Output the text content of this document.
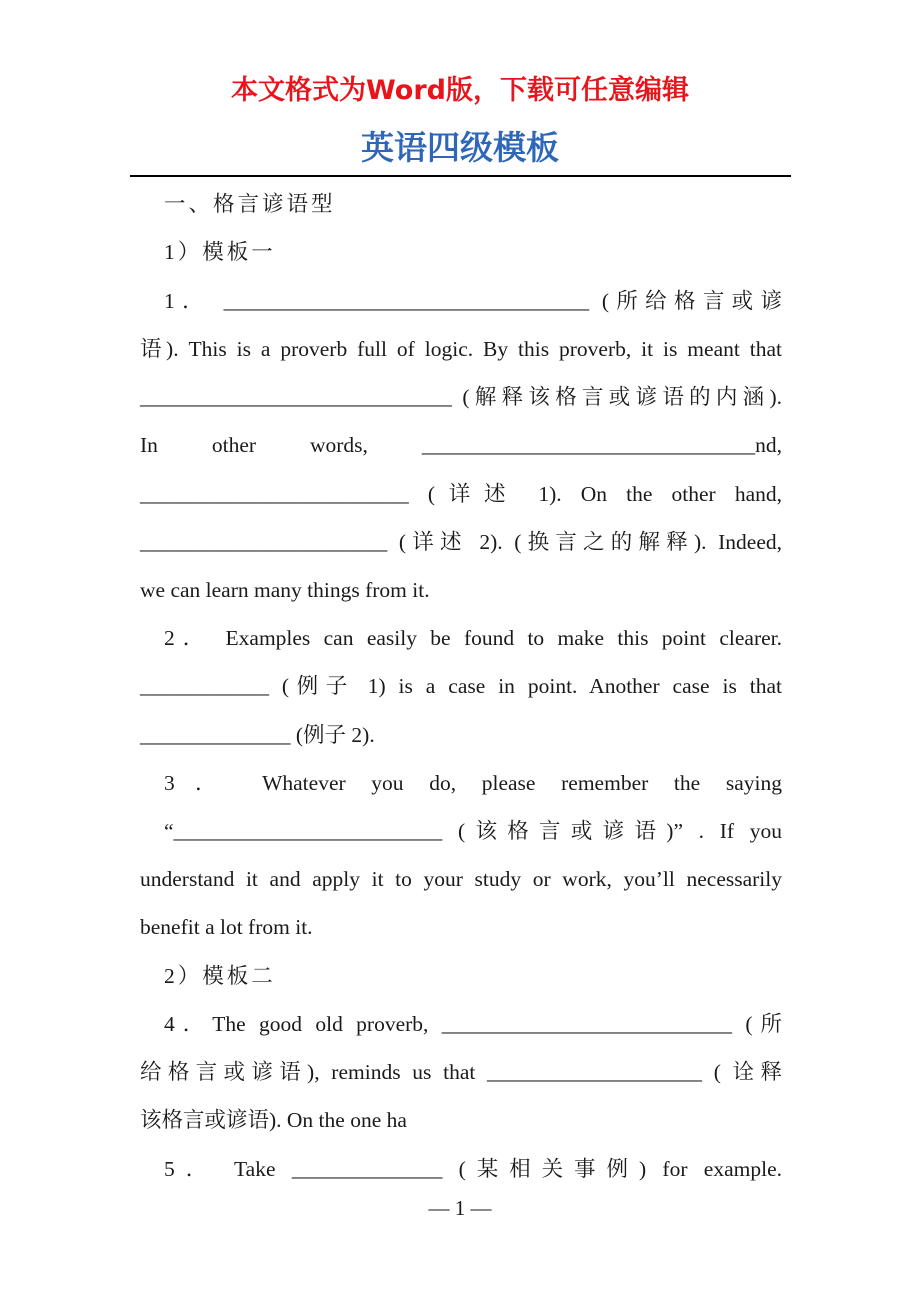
本文格式为Word版，下载可任意编辑
英语四级模板
一、格言谚语型
1）模板一
1． __________________________________ (所给格言或谚
语). This is a proverb full of logic. By this proverb, it is meant that
_____________________________ (解释该格言或谚语的内涵).
In other words, _______________________________nd,
_________________________ (详述 1). On the other hand,
_______________________ (详述 2). (换言之的解释). Indeed,
we can learn many things from it.
2． Examples can easily be found to make this point clearer.
____________ (例子 1) is a case in point. Another case is that
______________ (例子 2).
3． Whatever you do, please remember the saying
“_________________________ (该格言或谚语)” . If you
understand it and apply it to your study or work, you’ll necessarily
benefit a lot from it.
2）模板二
4．The good old proverb, ___________________________ (所
给格言或谚语), reminds us that ____________________ ( 诠释
该格言或谚语). On the one ha
5． Take ______________ (某相关事例) for example.
— 1 —
